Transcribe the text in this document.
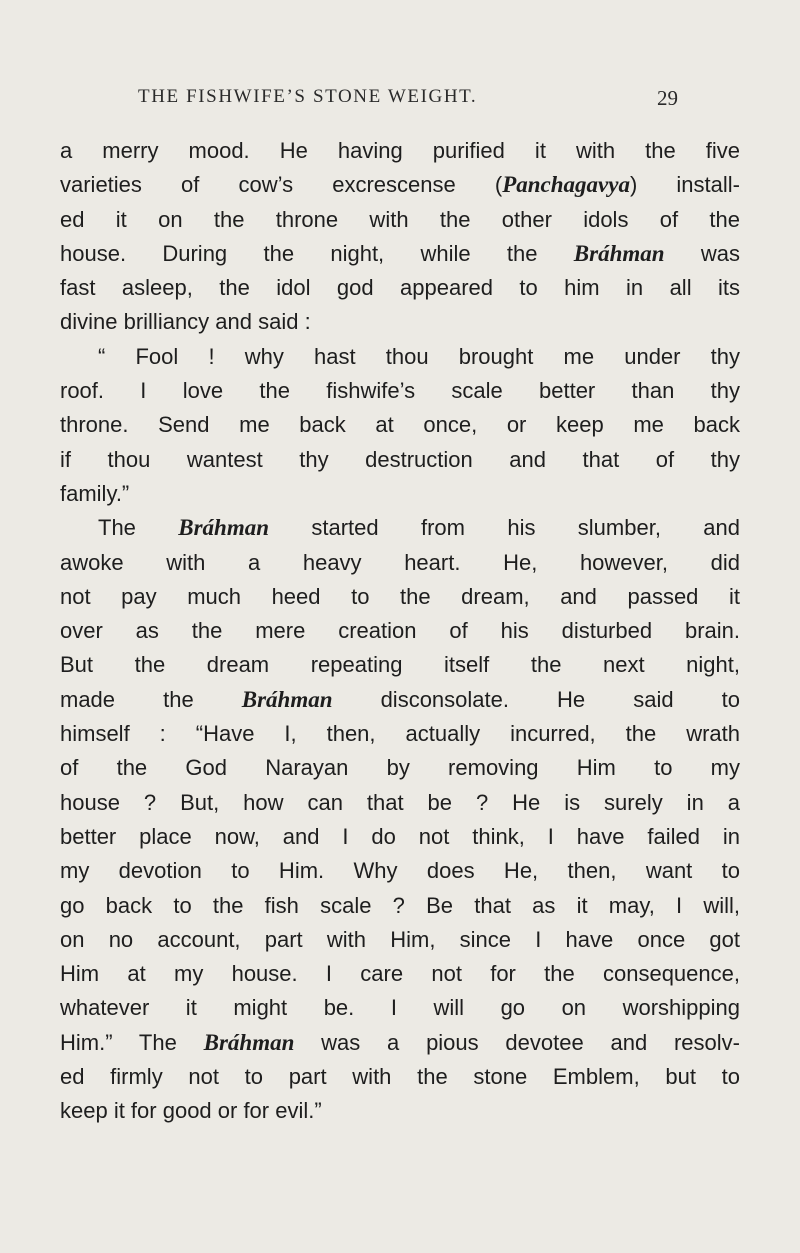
THE FISHWIFE’S STONE WEIGHT.	29
a merry mood. He having purified it with the five
varieties of cow’s excrescense (Panchagavya) install-
ed it on the throne with the other idols of the
house. During the night, while the Bráhman was
fast asleep, the idol god appeared to him in all its
divine brilliancy and said :
“ Fool ! why hast thou brought me under thy
roof. I love the fishwife’s scale better than thy
throne. Send me back at once, or keep me back
if thou wantest thy destruction and that of thy
family.”
The Bráhman started from his slumber, and
awoke with a heavy heart. He, however, did
not pay much heed to the dream, and passed it
over as the mere creation of his disturbed brain.
But the dream repeating itself the next night,
made the Bráhman disconsolate. He said to
himself : “Have I, then, actually incurred, the wrath
of the God Narayan by removing Him to my
house ? But, how can that be ? He is surely in a
better place now, and I do not think, I have failed in
my devotion to Him. Why does He, then, want to
go back to the fish scale ? Be that as it may, I will,
on no account, part with Him, since I have once got
Him at my house. I care not for the consequence,
whatever it might be. I will go on worshipping
Him.” The Bráhman was a pious devotee and resolv-
ed firmly not to part with the stone Emblem, but to
keep it for good or for evil.”
